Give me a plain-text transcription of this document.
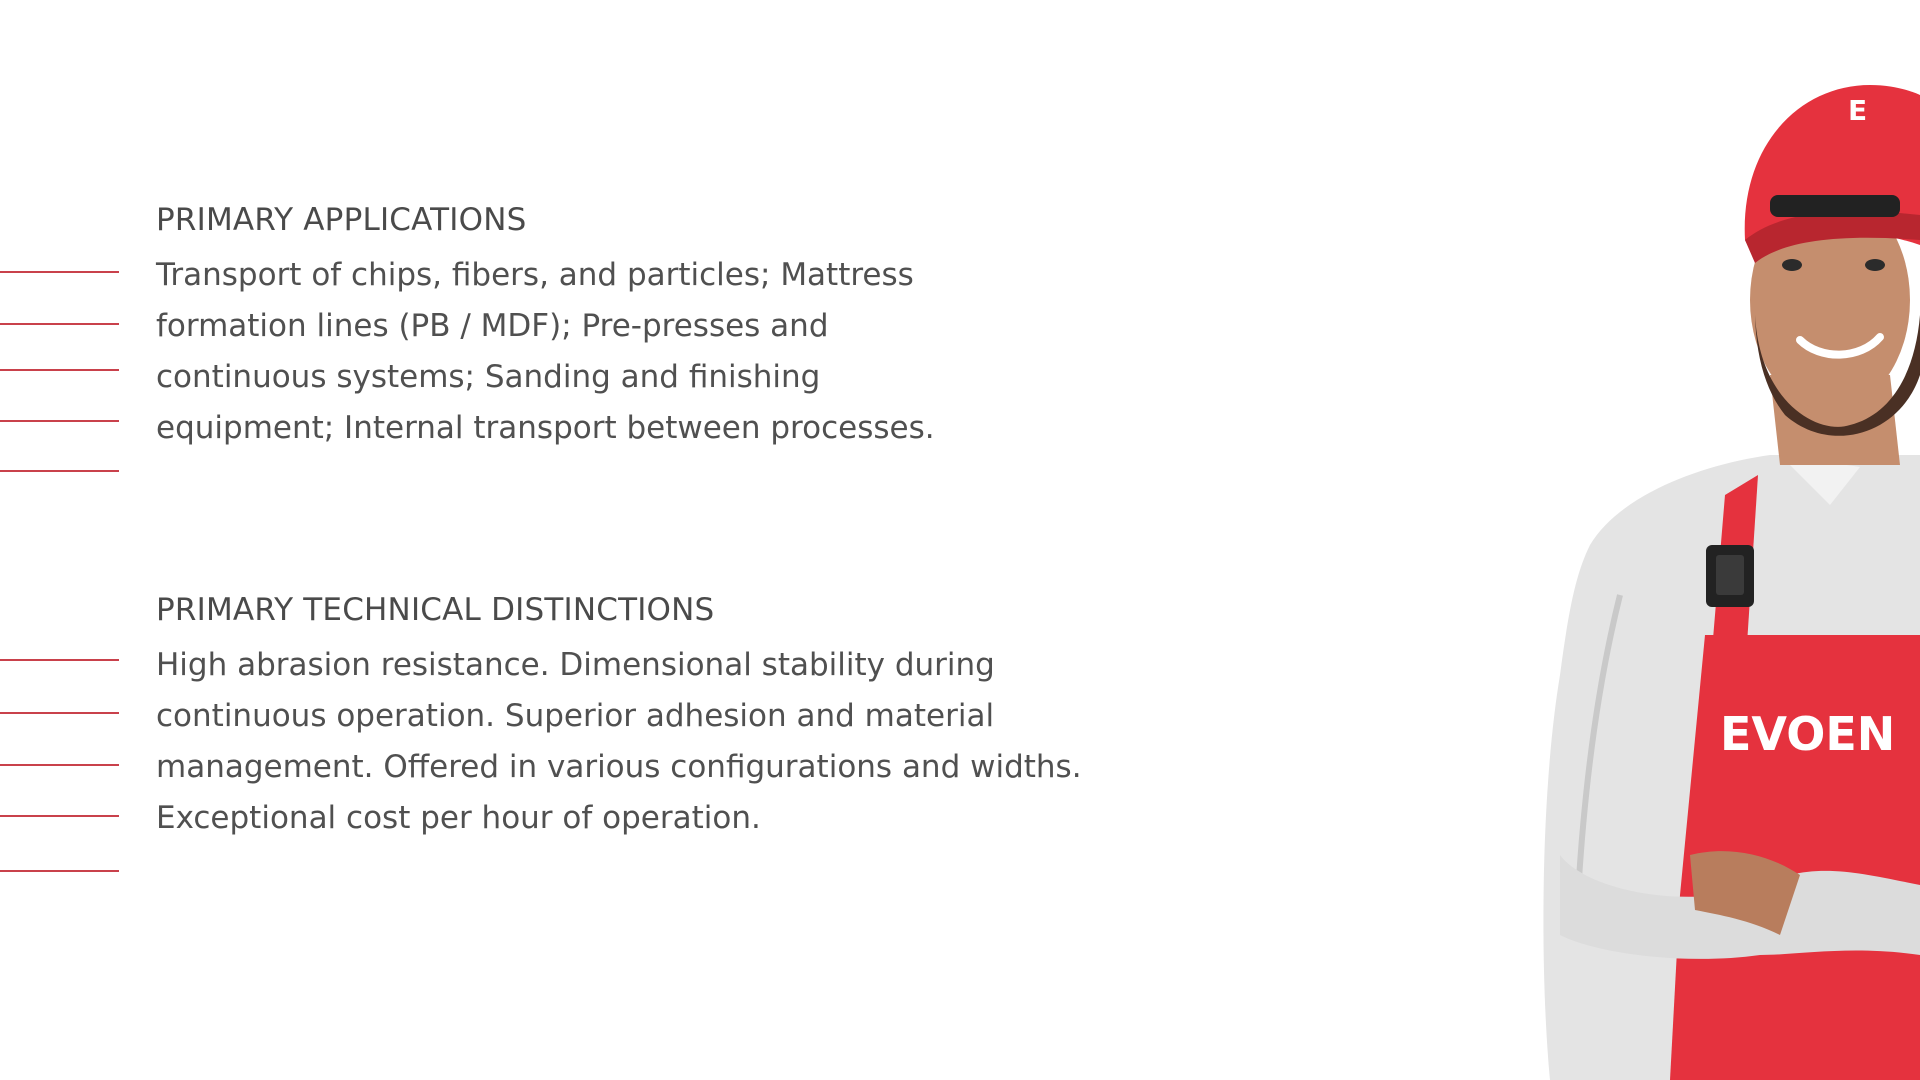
PRIMARY APPLICATIONS

Transport of chips, fibers, and particles; Mattress formation lines (PB / MDF); Pre-presses and continuous systems; Sanding and finishing equipment; Internal transport between processes.

PRIMARY TECHNICAL DISTINCTIONS

High abrasion resistance. Dimensional stability during continuous operation. Superior adhesion and material management. Offered in various configurations and widths. Exceptional cost per hour of operation.

EVOEN
E
